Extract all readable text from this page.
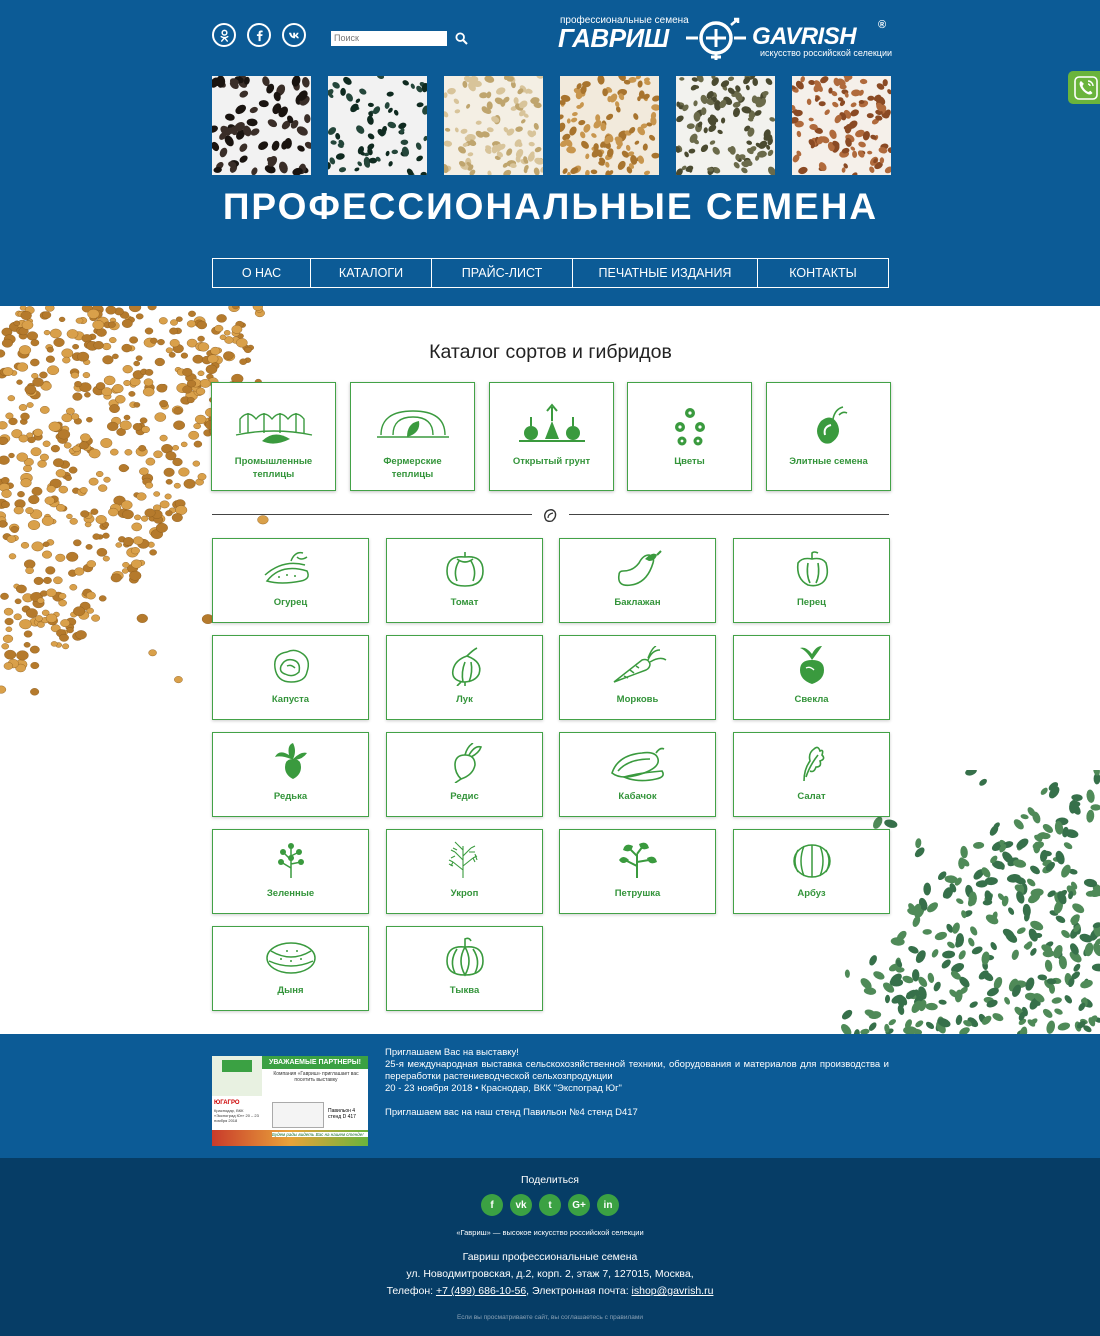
Поиск
профессиональные семена
ГАВРИШ	GAVRISH ®
искусство российской селекции
ПРОФЕССИОНАЛЬНЫЕ СЕМЕНА
О НАС	КАТАЛОГИ	ПРАЙС-ЛИСТ	ПЕЧАТНЫЕ ИЗДАНИЯ	КОНТАКТЫ
Каталог сортов и гибридов
Промышленные теплицы
Фермерские теплицы
Открытый грунт	Цветы	Элитные семена
Огурец	Томат	Баклажан	Перец
Капуста	Лук	Морковь	Свекла
Редька	Редис	Кабачок	Салат
Зеленные	Укроп	Петрушка	Арбуз
Дыня	Тыква
УВАЖАЕМЫЕ ПАРТНЕРЫ!
Компания «Гавриш» приглашает вас посетить выставку
ЮГАГРО
Краснодар, ВКК «Экспоград Юг» 20 – 23 ноября 2018
Павильон 4 стенд D 417
Будем рады видеть Вас на нашем стенде!
Приглашаем Вас на выставку!
25-я международная выставка сельскохозяйственной техники, оборудования и материалов для производства и переработки растениеводческой сельхозпродукции
20 - 23 ноября 2018 • Краснодар, ВКК "Экспоград Юг"
Приглашаем вас на наш стенд Павильон №4 стенд D417
Поделиться
f	vk	t	G+	in
«Гавриш» — высокое искусство российской селекции
Гавриш профессиональные семена
ул. Новодмитровская, д.2, корп. 2, этаж 7, 127015, Москва,
Телефон: +7 (499) 686-10-56, Электронная почта: ishop@gavrish.ru
Если вы просматриваете сайт, вы соглашаетесь с правилами
